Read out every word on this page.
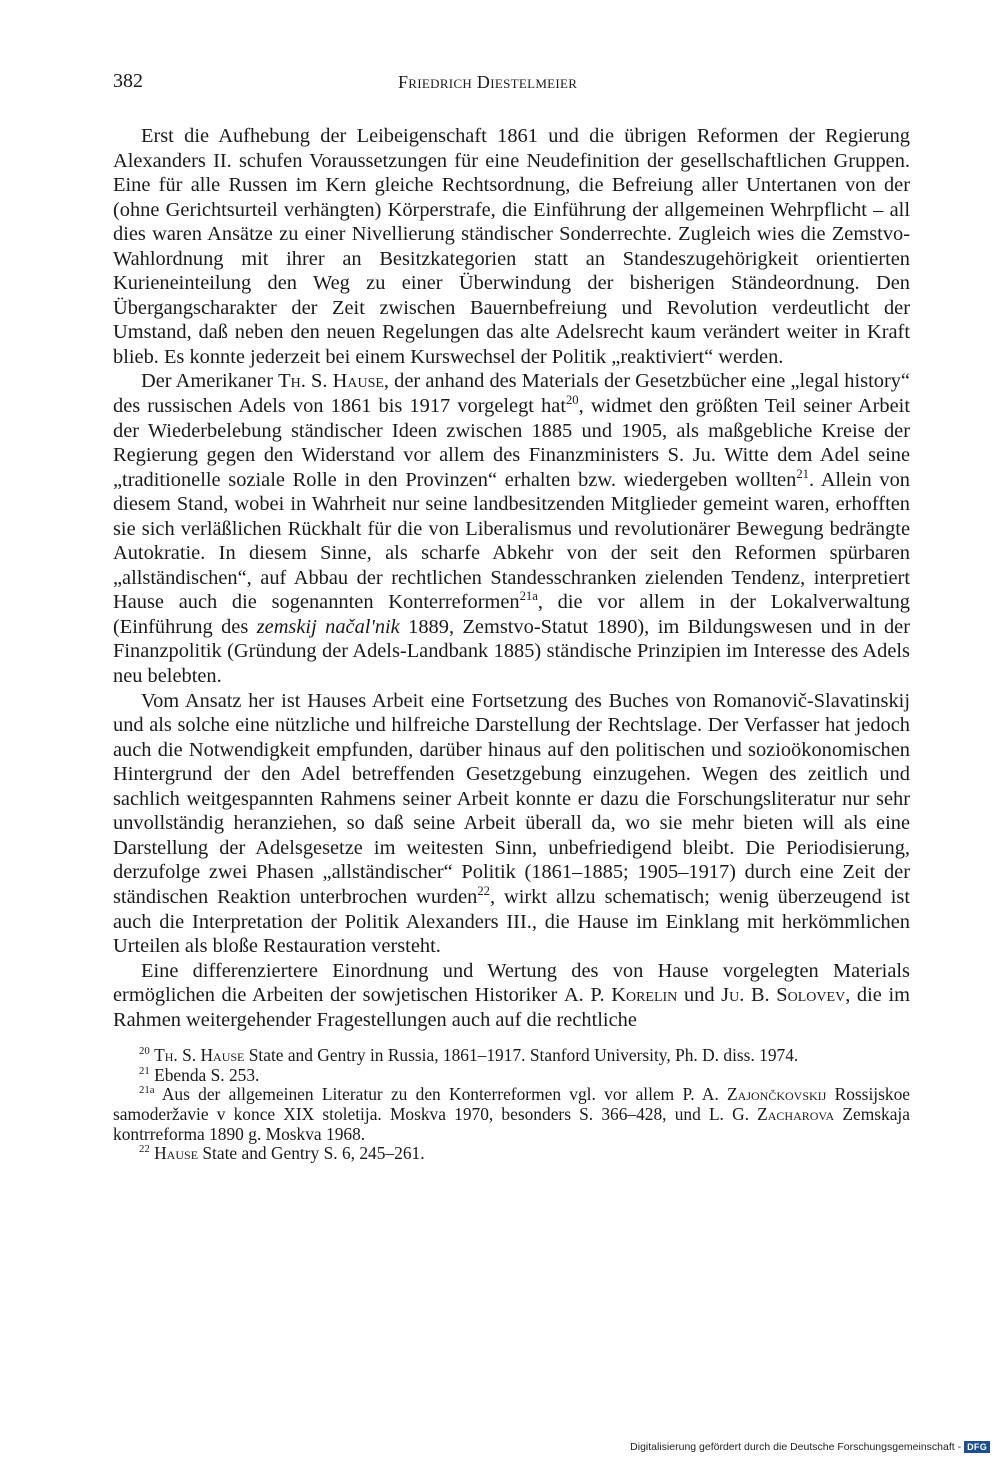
382	Friedrich Diestelmeier

Erst die Aufhebung der Leibeigenschaft 1861 und die übrigen Reformen der Regierung Alexanders II. schufen Voraussetzungen für eine Neudefinition der gesellschaftlichen Gruppen. Eine für alle Russen im Kern gleiche Rechtsordnung, die Befreiung aller Untertanen von der (ohne Gerichtsurteil verhängten) Körperstrafe, die Einführung der allgemeinen Wehrpflicht – all dies waren Ansätze zu einer Nivellierung ständischer Sonderrechte. Zugleich wies die Zemstvo-Wahlordnung mit ihrer an Besitzkategorien statt an Standeszugehörigkeit orientierten Kurieneinteilung den Weg zu einer Überwindung der bisherigen Ständeordnung. Den Übergangscharakter der Zeit zwischen Bauernbefreiung und Revolution verdeutlicht der Umstand, daß neben den neuen Regelungen das alte Adelsrecht kaum verändert weiter in Kraft blieb. Es konnte jederzeit bei einem Kurswechsel der Politik „reaktiviert“ werden.

Der Amerikaner Th. S. Hause, der anhand des Materials der Gesetzbücher eine „legal history“ des russischen Adels von 1861 bis 1917 vorgelegt hat$^{20}$, widmet den größten Teil seiner Arbeit der Wiederbelebung ständischer Ideen zwischen 1885 und 1905, als maßgebliche Kreise der Regierung gegen den Widerstand vor allem des Finanzministers S. Ju. Witte dem Adel seine „traditionelle soziale Rolle in den Provinzen“ erhalten bzw. wiedergeben wollten$^{21}$. Allein von diesem Stand, wobei in Wahrheit nur seine landbesitzenden Mitglieder gemeint waren, erhofften sie sich verläßlichen Rückhalt für die von Liberalismus und revolutionärer Bewegung bedrängte Autokratie. In diesem Sinne, als scharfe Abkehr von der seit den Reformen spürbaren „allständischen“, auf Abbau der rechtlichen Standesschranken zielenden Tendenz, interpretiert Hause auch die sogenannten Konterreformen$^{21a}$, die vor allem in der Lokalverwaltung (Einführung des zemskij načal'nik 1889, Zemstvo-Statut 1890), im Bildungswesen und in der Finanzpolitik (Gründung der Adels-Landbank 1885) ständische Prinzipien im Interesse des Adels neu belebten.

Vom Ansatz her ist Hauses Arbeit eine Fortsetzung des Buches von Romanovič-Slavatinskij und als solche eine nützliche und hilfreiche Darstellung der Rechtslage. Der Verfasser hat jedoch auch die Notwendigkeit empfunden, darüber hinaus auf den politischen und sozioökonomischen Hintergrund der den Adel betreffenden Gesetzgebung einzugehen. Wegen des zeitlich und sachlich weitgespannten Rahmens seiner Arbeit konnte er dazu die Forschungsliteratur nur sehr unvollständig heranziehen, so daß seine Arbeit überall da, wo sie mehr bieten will als eine Darstellung der Adelsgesetze im weitesten Sinn, unbefriedigend bleibt. Die Periodisierung, derzufolge zwei Phasen „allständischer“ Politik (1861–1885; 1905–1917) durch eine Zeit der ständischen Reaktion unterbrochen wurden$^{22}$, wirkt allzu schematisch; wenig überzeugend ist auch die Interpretation der Politik Alexanders III., die Hause im Einklang mit herkömmlichen Urteilen als bloße Restauration versteht.

Eine differenziertere Einordnung und Wertung des von Hause vorgelegten Materials ermöglichen die Arbeiten der sowjetischen Historiker A. P. Korelin und Ju. B. Solovev, die im Rahmen weitergehender Fragestellungen auch auf die rechtliche

$^{20}$ Th. S. Hause State and Gentry in Russia, 1861–1917. Stanford University, Ph. D. diss. 1974.

$^{21}$ Ebenda S. 253.

$^{21a}$ Aus der allgemeinen Literatur zu den Konterreformen vgl. vor allem P. A. Zajončkovskij Rossijskoe samoderžavie v konce XIX stoletija. Moskva 1970, besonders S. 366–428, und L. G. Zacharova Zemskaja kontrreforma 1890 g. Moskva 1968.

$^{22}$ Hause State and Gentry S. 6, 245–261.

Digitalisierung gefördert durch die Deutsche Forschungsgemeinschaft - DFG
